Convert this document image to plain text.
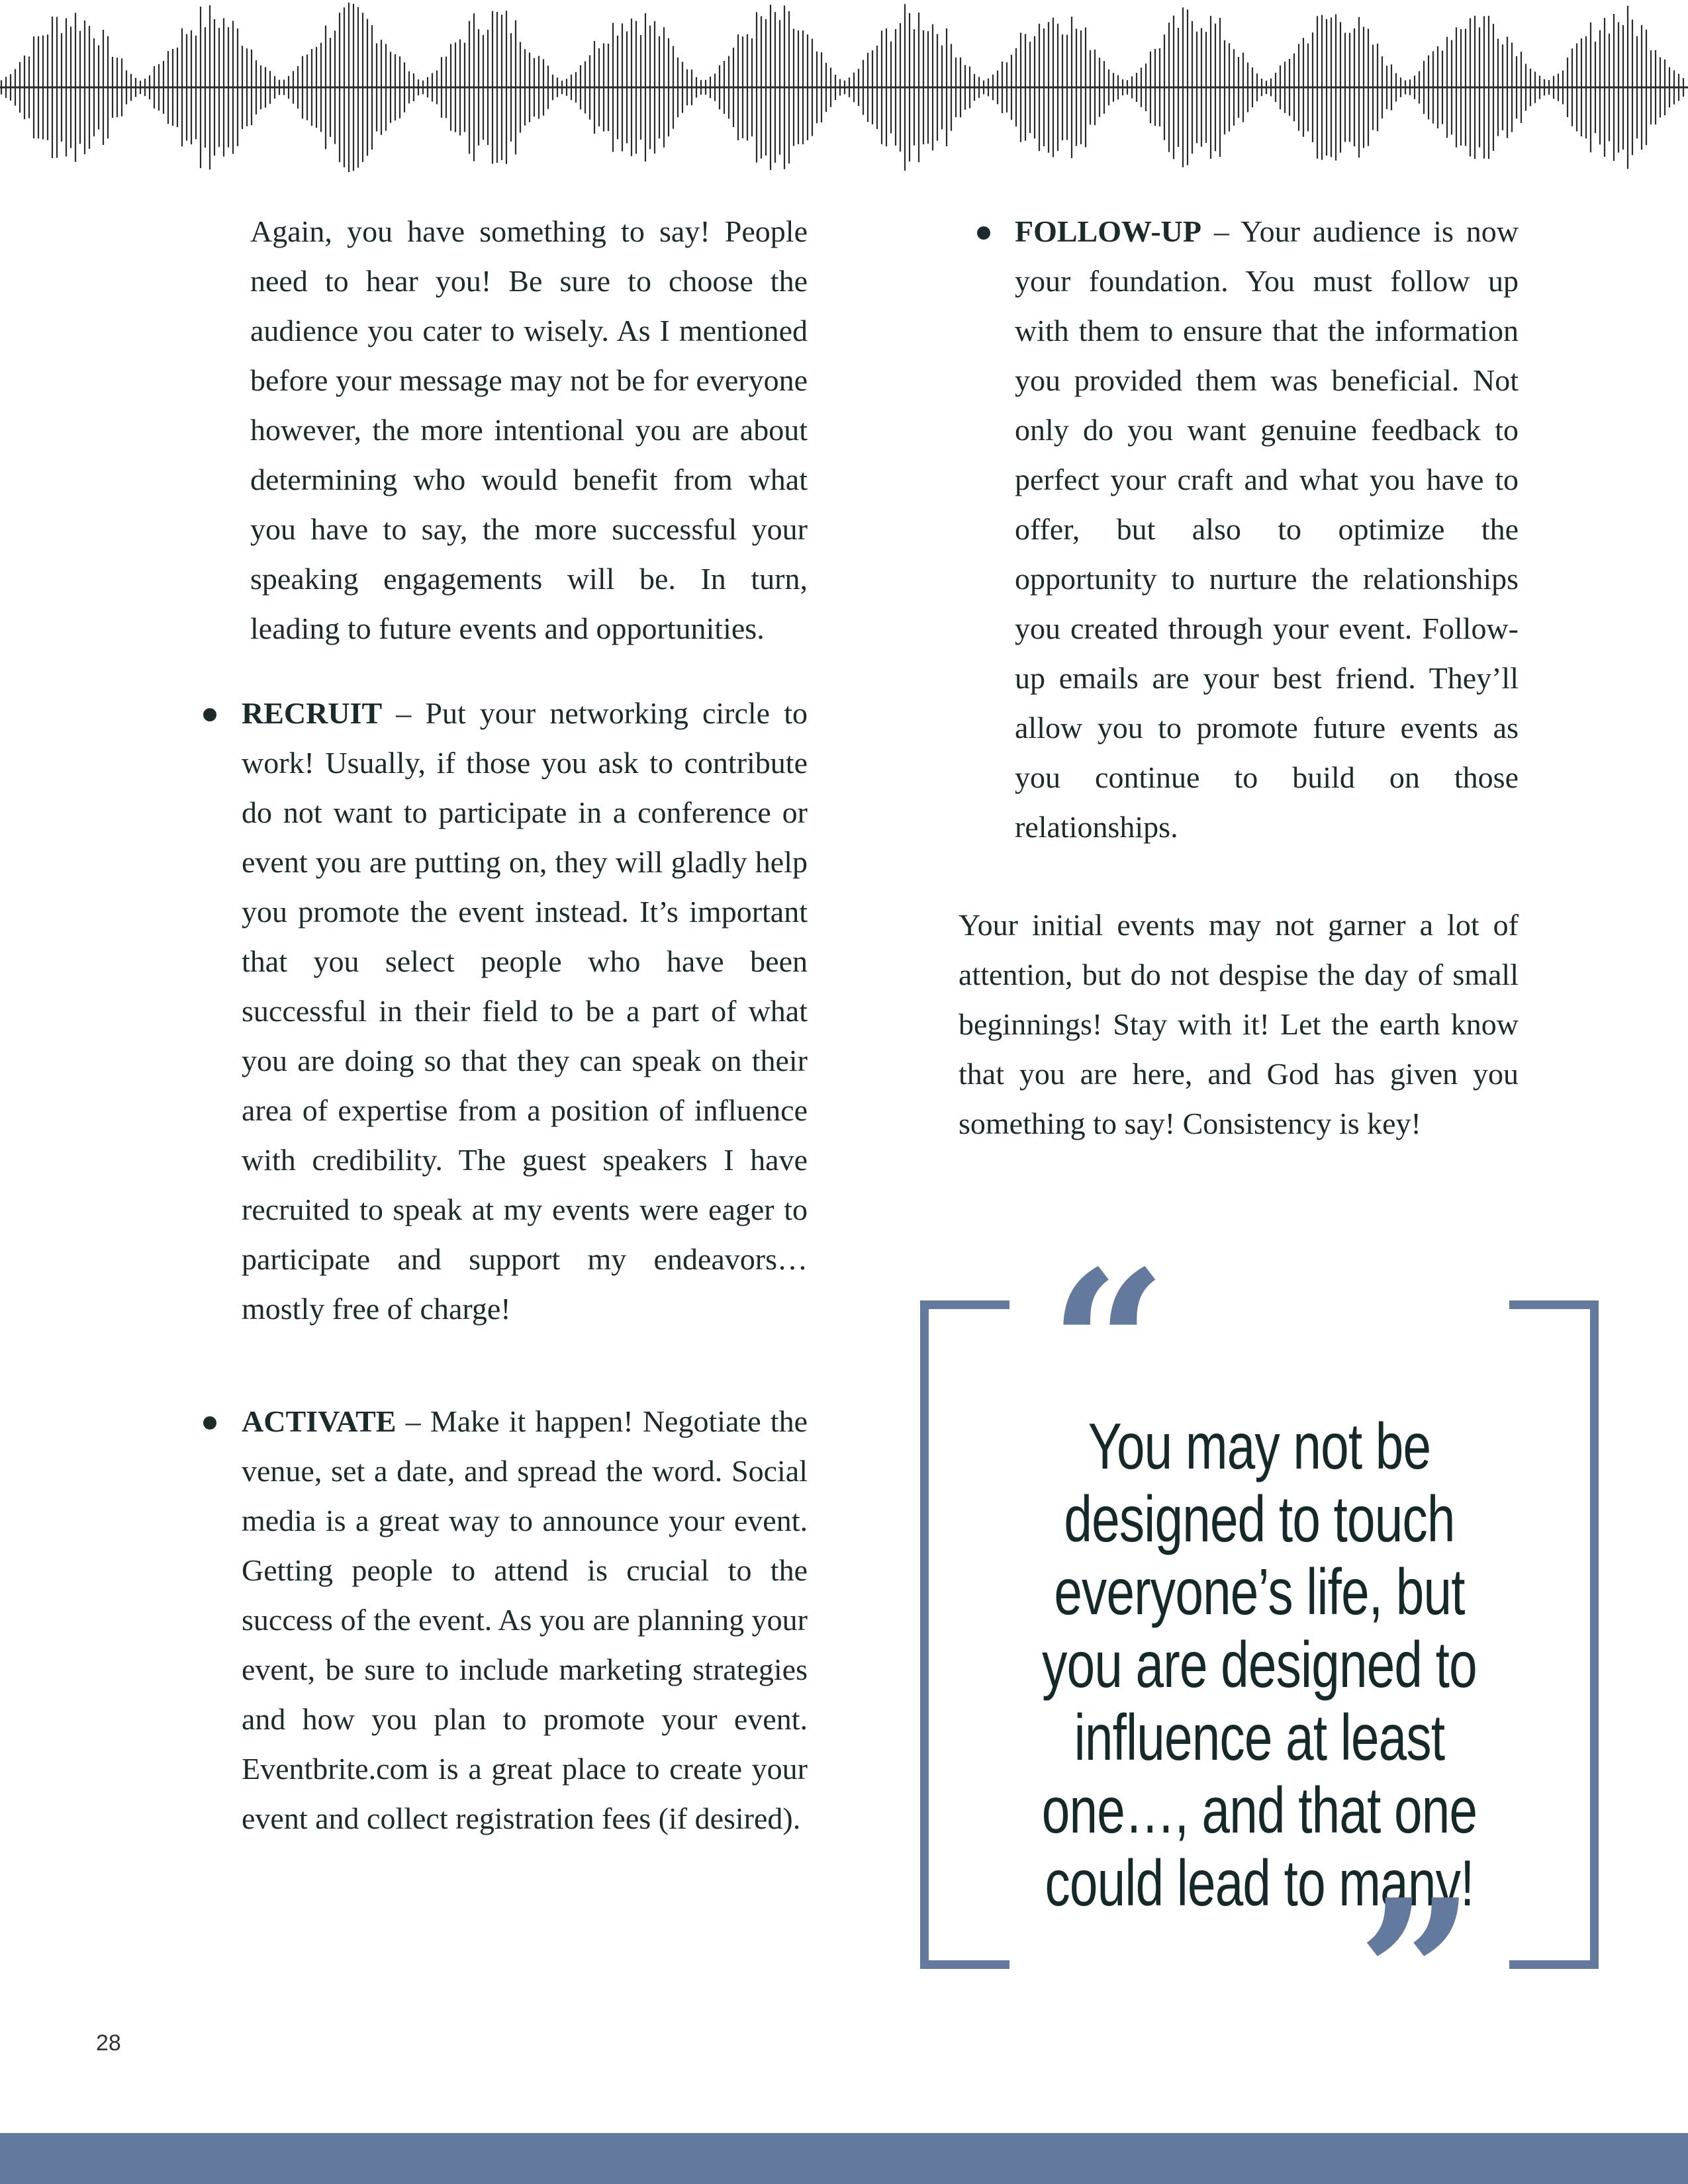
Again, you have something to say! People need to hear you! Be sure to choose the audience you cater to wisely. As I mentioned before your message may not be for everyone however, the more intentional you are about determining who would benefit from what you have to say, the more successful your speaking engagements will be. In turn, leading to future events and opportunities.

RECRUIT – Put your networking circle to work! Usually, if those you ask to contribute do not want to participate in a conference or event you are putting on, they will gladly help you promote the event instead. It’s important that you select people who have been successful in their field to be a part of what you are doing so that they can speak on their area of expertise from a position of influence with credibility. The guest speakers I have recruited to speak at my events were eager to participate and support my endeavors… mostly free of charge!
ACTIVATE – Make it happen! Negotiate the venue, set a date, and spread the word. Social media is a great way to announce your event. Getting people to attend is crucial to the success of the event. As you are planning your event, be sure to include marketing strategies and how you plan to promote your event. Eventbrite.com is a great place to create your event and collect registration fees (if desired).
FOLLOW-UP – Your audience is now your foundation. You must follow up with them to ensure that the information you provided them was beneficial. Not only do you want genuine feedback to perfect your craft and what you have to offer, but also to optimize the opportunity to nurture the relationships you created through your event. Follow-up emails are your best friend. They’ll allow you to promote future events as you continue to build on those relationships.

Your initial events may not garner a lot of attention, but do not despise the day of small beginnings! Stay with it! Let the earth know that you are here, and God has given you something to say! Consistency is key!

“
You may not be designed to touch everyone’s life, but you are designed to influence at least one…, and that one could lead to many!
”
28
